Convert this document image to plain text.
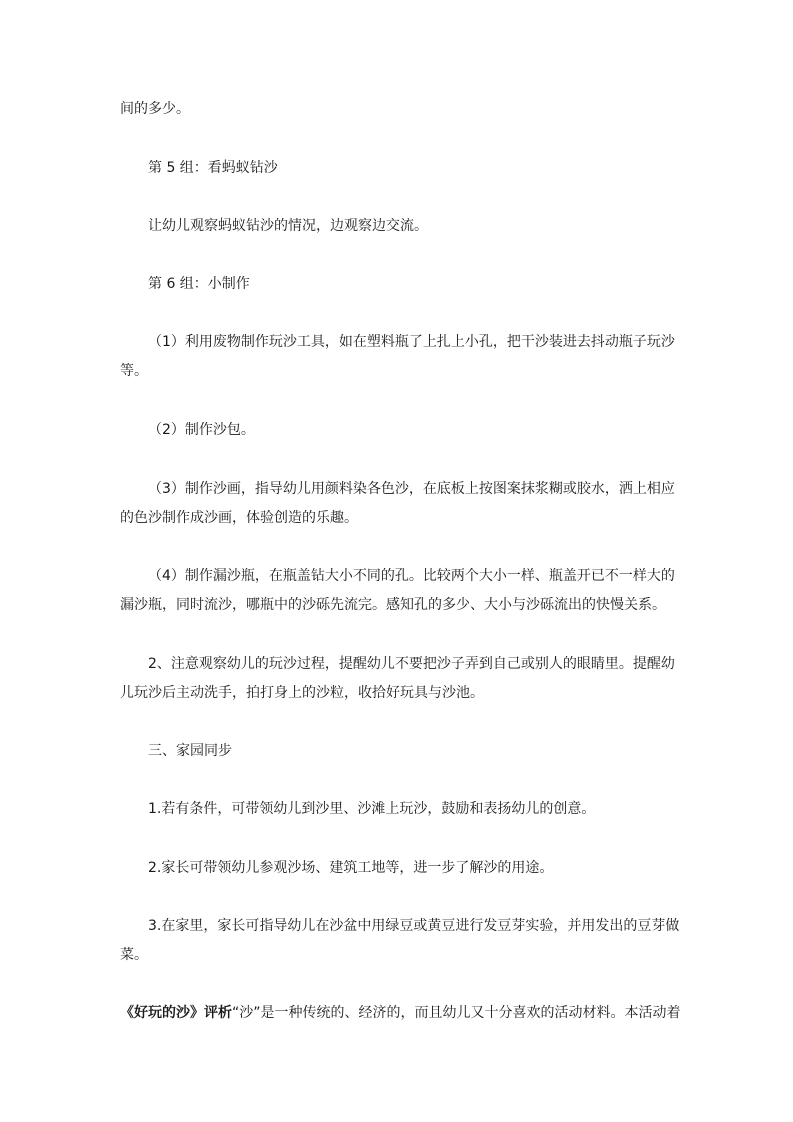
间的多少。
第 5 组：看蚂蚁钻沙
让幼儿观察蚂蚁钻沙的情况，边观察边交流。
第 6 组：小制作
（1）利用废物制作玩沙工具，如在塑料瓶了上扎上小孔，把干沙装进去抖动瓶子玩沙
等。
（2）制作沙包。
（3）制作沙画，指导幼儿用颜料染各色沙，在底板上按图案抹浆糊或胶水，洒上相应
的色沙制作成沙画，体验创造的乐趣。
（4）制作漏沙瓶，在瓶盖钻大小不同的孔。比较两个大小一样、瓶盖开已不一样大的
漏沙瓶，同时流沙，哪瓶中的沙砾先流完。感知孔的多少、大小与沙砾流出的快慢关系。
2、注意观察幼儿的玩沙过程，提醒幼儿不要把沙子弄到自己或别人的眼睛里。提醒幼
儿玩沙后主动洗手，拍打身上的沙粒，收拾好玩具与沙池。
三、家园同步
1.若有条件，可带领幼儿到沙里、沙滩上玩沙，鼓励和表扬幼儿的创意。
2.家长可带领幼儿参观沙场、建筑工地等，进一步了解沙的用途。
3.在家里，家长可指导幼儿在沙盆中用绿豆或黄豆进行发豆芽实验，并用发出的豆芽做
菜。
《好玩的沙》评析“沙”是一种传统的、经济的，而且幼儿又十分喜欢的活动材料。本活动着
